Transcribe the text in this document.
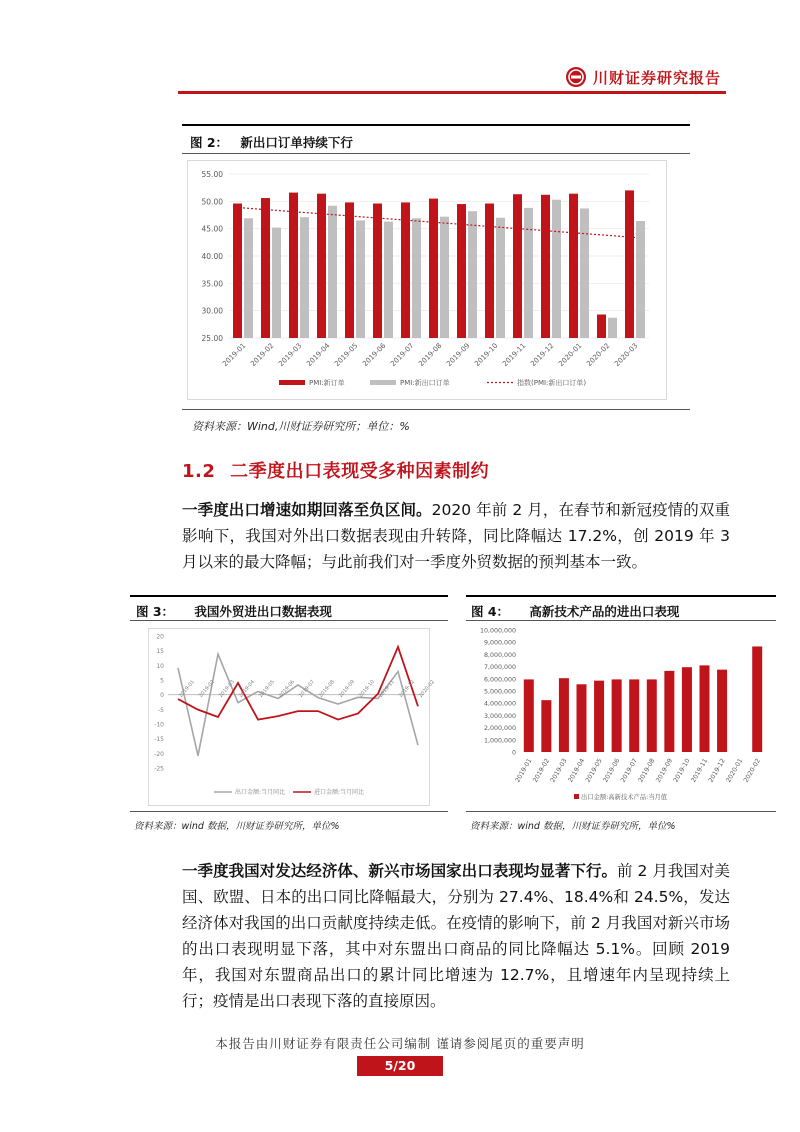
川财证券研究报告
图 2： 新出口订单持续下行
55.00
50.00
45.00
40.00
35.00
30.00
25.00
2019-01 2019-02 2019-03 2019-04 2019-05 2019-06 2019-07 2019-08 2019-09 2019-10 2019-11 2019-12 2020-01 2020-02 2020-03
PMI:新订单	PMI:新出口订单	指数(PMI:新出口订单)
资料来源：Wind,川财证券研究所；单位：%
1.2 二季度出口表现受多种因素制约
一季度出口增速如期回落至负区间。2020 年前 2 月，在春节和新冠疫情的双重影响下，我国对外出口数据表现由升转降，同比降幅达 17.2%，创 2019 年 3 月以来的最大降幅；与此前我们对一季度外贸数据的预判基本一致。
图 3： 我国外贸进出口数据表现
20
15
10
5
0
-5
-10
-15
-20
-25
2019-01 2019-02 2019-03 2019-04 2019-05 2019-06 2019-07 2019-08 2019-09 2019-10 2019-11 2019-12 2020-02
出口金额:当月同比	进口金额:当月同比
资料来源：wind 数据，川财证券研究所，单位%
图 4： 高新技术产品的进出口表现
10,000,000
9,000,000
8,000,000
7,000,000
6,000,000
5,000,000
4,000,000
3,000,000
2,000,000
1,000,000
0
2019-01
2019-02
2019-03
2019-04
2019-05
2019-06
2019-07
2019-08
2019-09
2019-10
2019-11
2019-12
2020-01
2020-02
出口金额:高新技术产品:当月值
资料来源：wind 数据，川财证券研究所，单位%
一季度我国对发达经济体、新兴市场国家出口表现均显著下行。前 2 月我国对美国、欧盟、日本的出口同比降幅最大，分别为 27.4%、18.4%和 24.5%，发达经济体对我国的出口贡献度持续走低。在疫情的影响下，前 2 月我国对新兴市场的出口表现明显下落，其中对东盟出口商品的同比降幅达 5.1%。回顾 2019 年，我国对东盟商品出口的累计同比增速为 12.7%，且增速年内呈现持续上行；疫情是出口表现下落的直接原因。
本报告由川财证券有限责任公司编制 谨请参阅尾页的重要声明
5/20
